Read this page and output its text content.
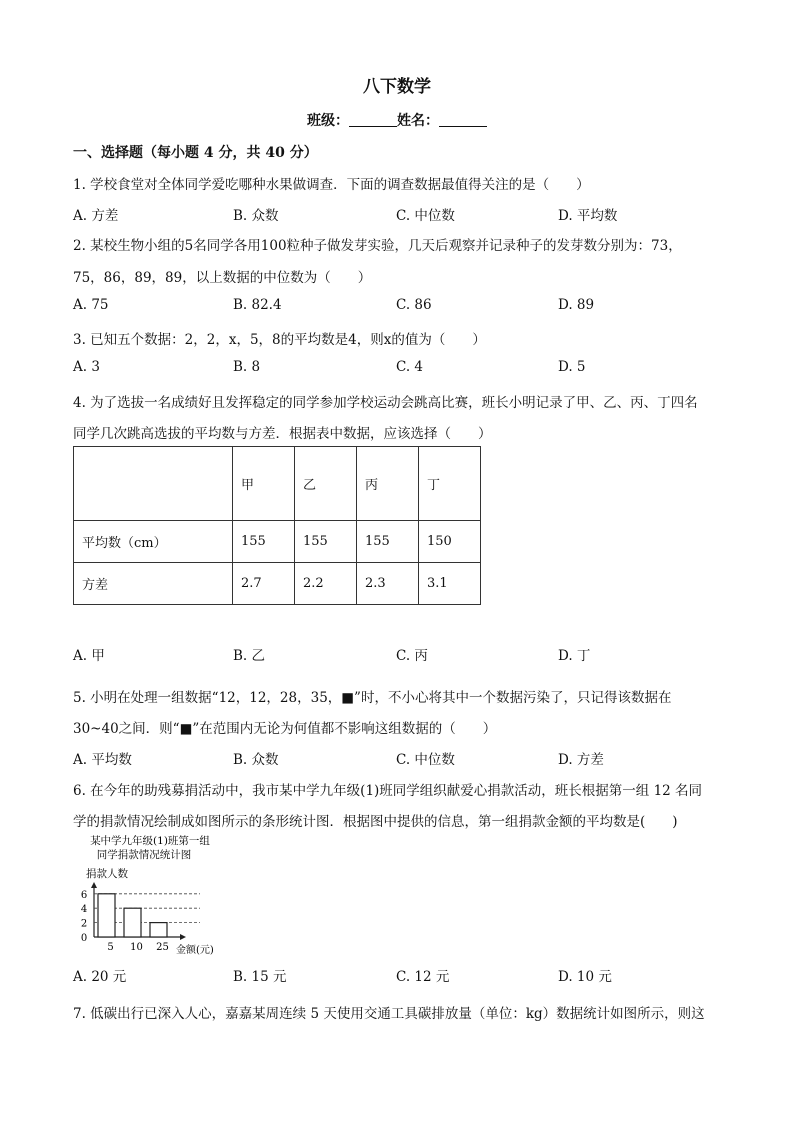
八下数学
班级：	姓名：
一、选择题（每小题 4 分，共 40 分）
1. 学校食堂对全体同学爱吃哪种水果做调查．下面的调查数据最值得关注的是（　　）
A. 方差	B. 众数	C. 中位数	D. 平均数
2. 某校生物小组的5名同学各用100粒种子做发芽实验，几天后观察并记录种子的发芽数分别为：73，
75，86，89，89，以上数据的中位数为（　　）
A. 75	B. 82.4	C. 86	D. 89
3. 已知五个数据：2，2，x，5，8的平均数是4，则x的值为（　　）
A. 3	B. 8	C. 4	D. 5
4. 为了选拔一名成绩好且发挥稳定的同学参加学校运动会跳高比赛，班长小明记录了甲、乙、丙、丁四名
同学几次跳高选拔的平均数与方差．根据表中数据，应该选择（　　）
	甲	乙	丙	丁
平均数（cm）	155	155	155	150
方差	2.7	2.2	2.3	3.1
A. 甲	B. 乙	C. 丙	D. 丁
5. 小明在处理一组数据“12，12，28，35，■”时，不小心将其中一个数据污染了，只记得该数据在
30~40之间．则“■”在范围内无论为何值都不影响这组数据的（　　）
A. 平均数	B. 众数	C. 中位数	D. 方差
6. 在今年的助残募捐活动中，我市某中学九年级(1)班同学组织献爱心捐款活动，班长根据第一组 12 名同
学的捐款情况绘制成如图所示的条形统计图．根据图中提供的信息，第一组捐款金额的平均数是(　　)
某中学九年级(1)班第一组
同学捐款情况统计图
捐款人数
金额(元)
0
2
4
6
5 10 25
A. 20 元	B. 15 元	C. 12 元	D. 10 元
7. 低碳出行已深入人心，嘉嘉某周连续 5 天使用交通工具碳排放量（单位：kg）数据统计如图所示，则这
